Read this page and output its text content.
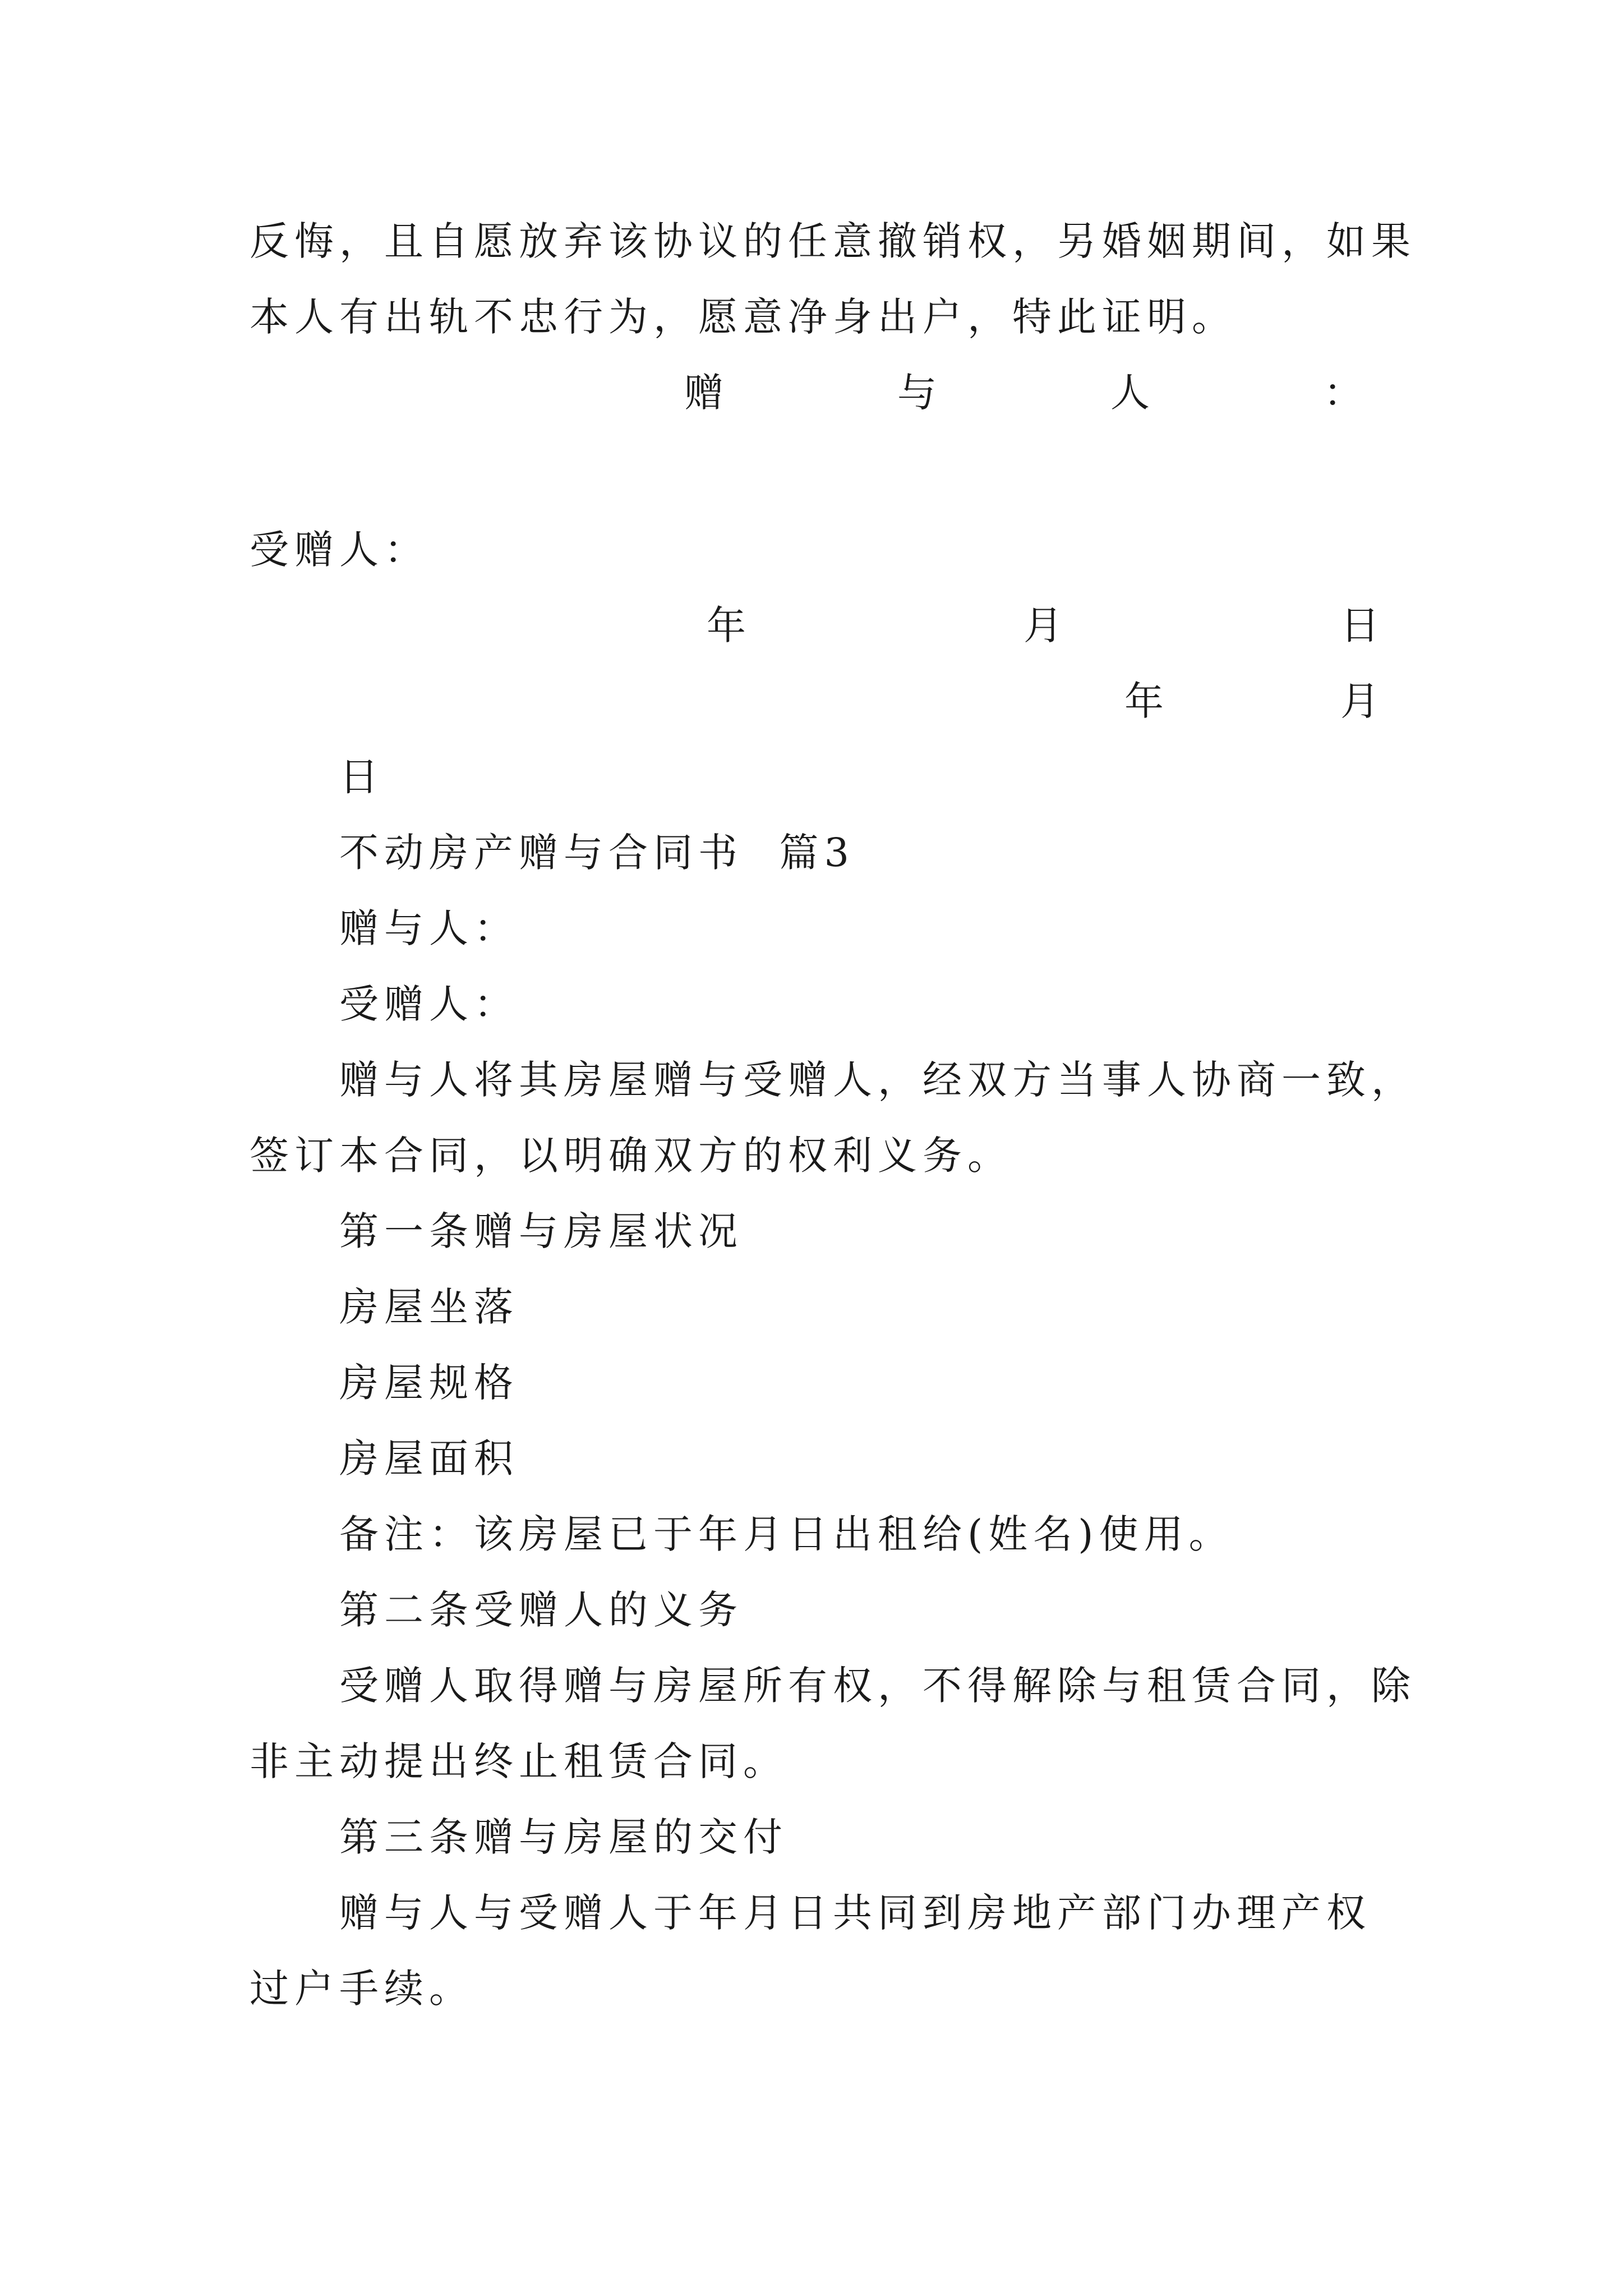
反悔，且自愿放弃该协议的任意撤销权，另婚姻期间，如果
本人有出轨不忠行为，愿意净身出户，特此证明。
赠	与	人	：
受赠人：
年	月	日
年	月
日
不动房产赠与合同书  篇3
赠与人：
受赠人：
赠与人将其房屋赠与受赠人，经双方当事人协商一致，
签订本合同，以明确双方的权利义务。
第一条赠与房屋状况
房屋坐落
房屋规格
房屋面积
备注：该房屋已于年月日出租给(姓名)使用。
第二条受赠人的义务
受赠人取得赠与房屋所有权，不得解除与租赁合同，除
非主动提出终止租赁合同。
第三条赠与房屋的交付
赠与人与受赠人于年月日共同到房地产部门办理产权
过户手续。
